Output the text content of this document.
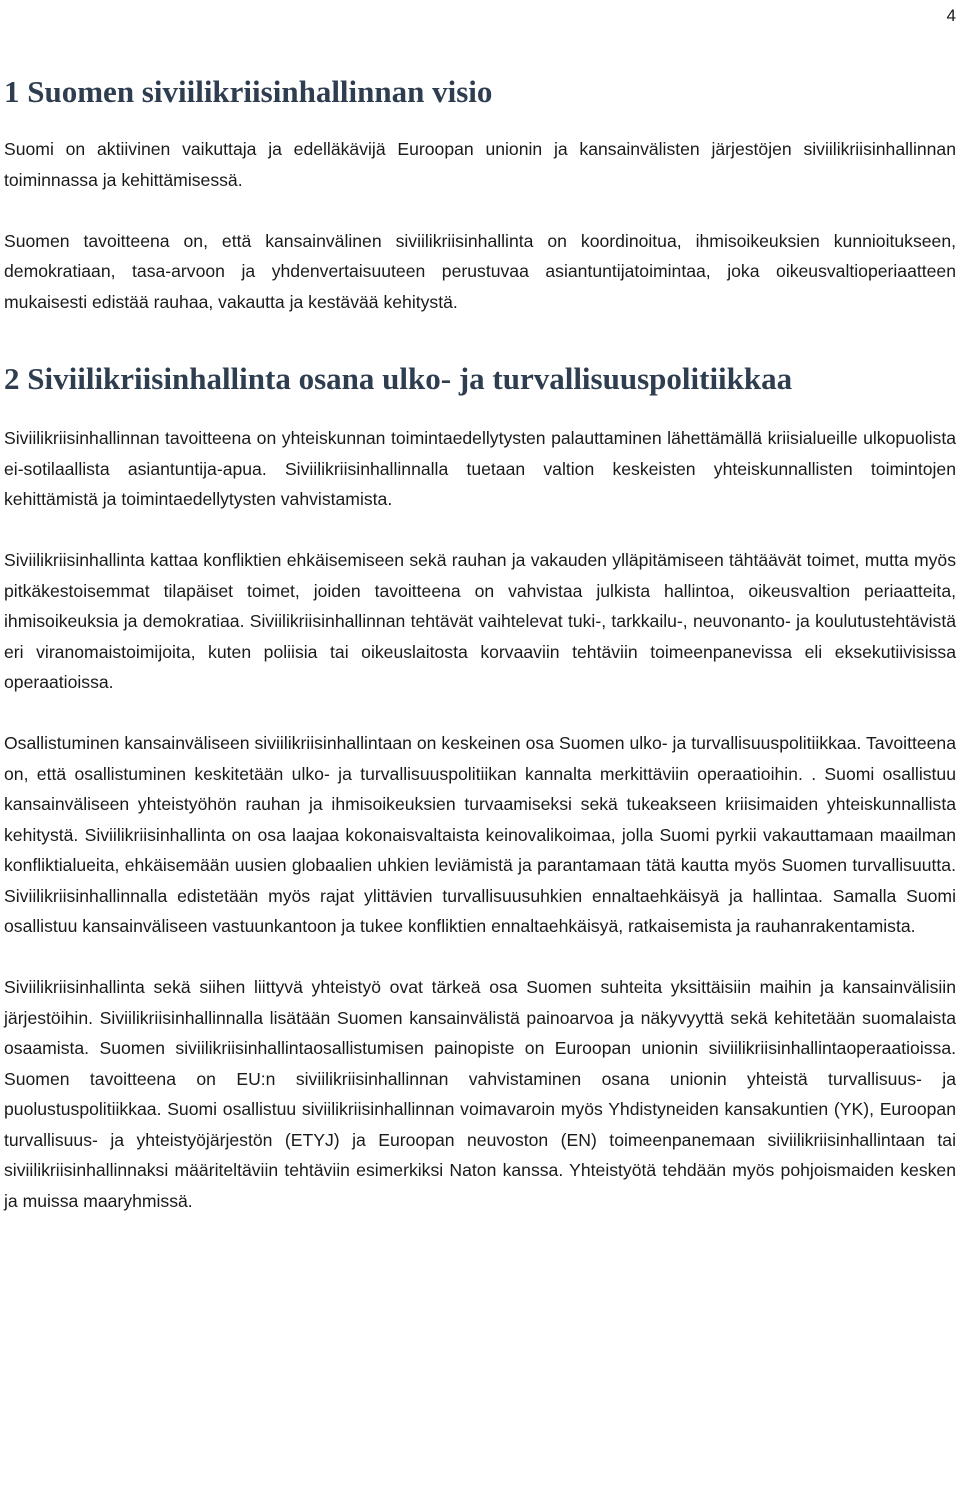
4
1 Suomen siviilikriisinhallinnan visio

Suomi on aktiivinen vaikuttaja ja edelläkävijä Euroopan unionin ja kansainvälisten järjestöjen siviilikriisinhallinnan toiminnassa ja kehittämisessä.

Suomen tavoitteena on, että kansainvälinen siviilikriisinhallinta on koordinoitua, ihmisoikeuksien kunnioitukseen, demokratiaan, tasa-arvoon ja yhdenvertaisuuteen perustuvaa asiantuntijatoimintaa, joka oikeusvaltioperiaatteen mukaisesti edistää rauhaa, vakautta ja kestävää kehitystä.

2 Siviilikriisinhallinta osana ulko- ja turvallisuuspolitiikkaa

Siviilikriisinhallinnan tavoitteena on yhteiskunnan toimintaedellytysten palauttaminen lähettämällä kriisialueille ulkopuolista ei-sotilaallista asiantuntija-apua. Siviilikriisinhallinnalla tuetaan valtion keskeisten yhteiskunnallisten toimintojen kehittämistä ja toimintaedellytysten vahvistamista.

Siviilikriisinhallinta kattaa konfliktien ehkäisemiseen sekä rauhan ja vakauden ylläpitämiseen tähtäävät toimet, mutta myös pitkäkestoisemmat tilapäiset toimet, joiden tavoitteena on vahvistaa julkista hallintoa, oikeusvaltion periaatteita, ihmisoikeuksia ja demokratiaa. Siviilikriisinhallinnan tehtävät vaihtelevat tuki-, tarkkailu-, neuvonanto- ja koulutustehtävistä eri viranomaistoimijoita, kuten poliisia tai oikeuslaitosta korvaaviin tehtäviin toimeenpanevissa eli eksekutiivisissa operaatioissa.

Osallistuminen kansainväliseen siviilikriisinhallintaan on keskeinen osa Suomen ulko- ja turvallisuuspolitiikkaa. Tavoitteena on, että osallistuminen keskitetään ulko- ja turvallisuuspolitiikan kannalta merkittäviin operaatioihin. . Suomi osallistuu kansainväliseen yhteistyöhön rauhan ja ihmisoikeuksien turvaamiseksi sekä tukeakseen kriisimaiden yhteiskunnallista kehitystä. Siviilikriisinhallinta on osa laajaa kokonaisvaltaista keinovalikoimaa, jolla Suomi pyrkii vakauttamaan maailman konfliktialueita, ehkäisemään uusien globaalien uhkien leviämistä ja parantamaan tätä kautta myös Suomen turvallisuutta. Siviilikriisinhallinnalla edistetään myös rajat ylittävien turvallisuusuhkien ennaltaehkäisyä ja hallintaa. Samalla Suomi osallistuu kansainväliseen vastuunkantoon ja tukee konfliktien ennaltaehkäisyä, ratkaisemista ja rauhanrakentamista.

Siviilikriisinhallinta sekä siihen liittyvä yhteistyö ovat tärkeä osa Suomen suhteita yksittäisiin maihin ja kansainvälisiin järjestöihin. Siviilikriisinhallinnalla lisätään Suomen kansainvälistä painoarvoa ja näkyvyyttä sekä kehitetään suomalaista osaamista. Suomen siviilikriisinhallintaosallistumisen painopiste on Euroopan unionin siviilikriisinhallintaoperaatioissa. Suomen tavoitteena on EU:n siviilikriisinhallinnan vahvistaminen osana unionin yhteistä turvallisuus- ja puolustuspolitiikkaa. Suomi osallistuu siviilikriisinhallinnan voimavaroin myös Yhdistyneiden kansakuntien (YK), Euroopan turvallisuus- ja yhteistyöjärjestön (ETYJ) ja Euroopan neuvoston (EN) toimeenpanemaan siviilikriisinhallintaan tai siviilikriisinhallinnaksi määriteltäviin tehtäviin esimerkiksi Naton kanssa. Yhteistyötä tehdään myös pohjoismaiden kesken ja muissa maaryhmissä.
